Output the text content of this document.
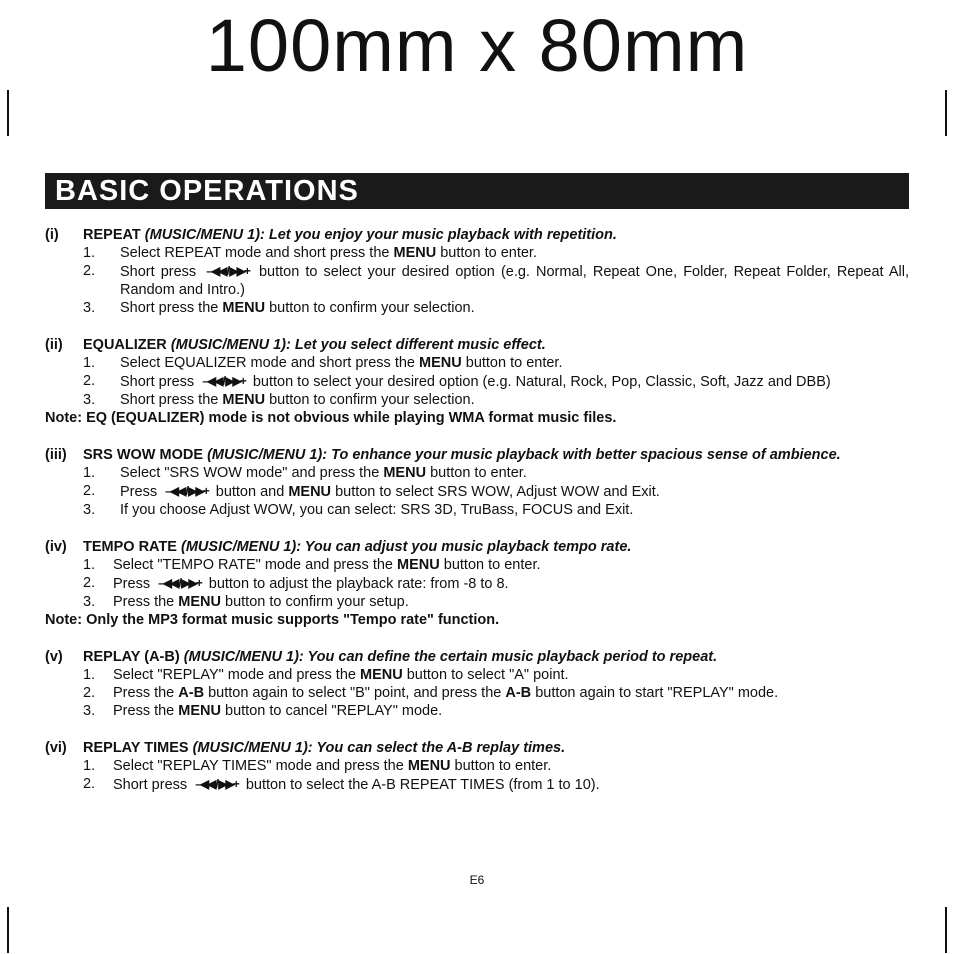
100mm x 80mm
BASIC OPERATIONS
(i)	REPEAT (MUSIC/MENU 1): Let you enjoy your music playback with repetition.
1.	Select REPEAT mode and short press the MENU button to enter.
2.	Short press –◀◀ / ▶▶+ button to select your desired option (e.g. Normal, Repeat One, Folder, Repeat Folder, Repeat All, Random and Intro.)
3.	Short press the MENU button to confirm your selection.
(ii)	EQUALIZER (MUSIC/MENU 1): Let you select different music effect.
1.	Select EQUALIZER mode and short press the MENU button to enter.
2.	Short press –◀◀ / ▶▶+ button to select your desired option (e.g. Natural, Rock, Pop, Classic, Soft, Jazz and DBB)
3.	Short press the MENU button to confirm your selection.
Note: EQ (EQUALIZER) mode is not obvious while playing WMA format music files.
(iii)	SRS WOW MODE (MUSIC/MENU 1): To enhance your music playback with better spacious sense of ambience.
1.	Select "SRS WOW mode" and press the MENU button to enter.
2.	Press –◀◀ / ▶▶+ button and MENU button to select SRS WOW, Adjust WOW and Exit.
3.	If you choose Adjust WOW, you can select: SRS 3D, TruBass, FOCUS and Exit.
(iv)	TEMPO RATE (MUSIC/MENU 1): You can adjust you music playback tempo rate.
1.	Select "TEMPO RATE" mode and press the MENU button to enter.
2.	Press –◀◀ / ▶▶+ button to adjust the playback rate: from -8 to 8.
3.	Press the MENU button to confirm your setup.
Note: Only the MP3 format music supports "Tempo rate" function.
(v)	REPLAY (A-B) (MUSIC/MENU 1): You can define the certain music playback period to repeat.
1.	Select "REPLAY" mode and press the MENU button to select "A" point.
2.	Press the A-B button again to select "B" point, and press the A-B button again to start "REPLAY" mode.
3.	Press the MENU button to cancel "REPLAY" mode.
(vi)	REPLAY TIMES (MUSIC/MENU 1): You can select the A-B replay times.
1.	Select "REPLAY TIMES" mode and press the MENU button to enter.
2.	Short press –◀◀ / ▶▶+ button to select the A-B REPEAT TIMES (from 1 to 10).
E6
